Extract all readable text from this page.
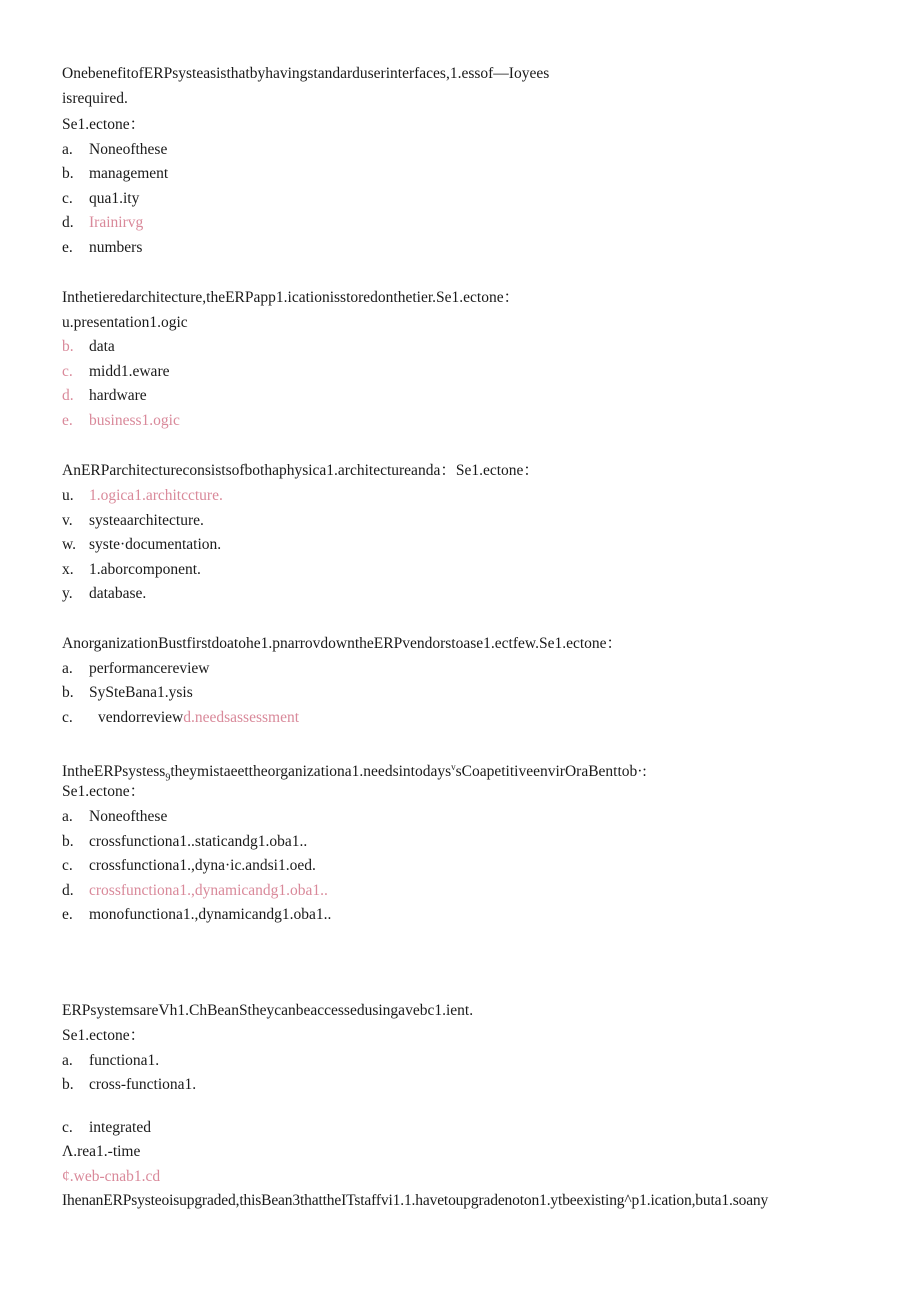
OnebenefitofERPsysteasisthatbyhavingstandarduserinterfaces,1.essof—Ioyees
isrequired.
Se1.ectone：
a. Noneofthese
b. management
c. qua1.ity
d. Irainirvg
e. numbers
Inthetieredarchitecture,theERPapp1.icationisstoredonthetier.Se1.ectone：
u.presentation1.ogic
b. data
c. midd1.eware
d. hardware
e. business1.ogic
AnERParchitectureconsistsofbothaphysica1.architectureanda：Se1.ectone：
u. 1.ogica1.architccture.
v. systeaarchitecture.
w. syste·documentation.
x. 1.aborcomponent.
y. database.
AnorganizationBustfirstdoatohe1.pnarrovdowntheERPvendorstoase1.ectfew.Se1.ectone：
a. performancereview
b. SySteBana1.ysis
c. vendorreviewd.needsassessment
IntheERPsystess$_9$theymistaeettheorganizationa1.needsintodays$^v$sCoapetitiveenvirOraBenttob·:
Se1.ectone：
a. Noneofthese
b. crossfunctiona1..staticandg1.oba1..
c. crossfunctiona1.,dyna·ic.andsi1.oed.
d. crossfunctiona1.,dynamicandg1.oba1..
e. monofunctiona1.,dynamicandg1.oba1..
ERPsystemsareVh1.ChBeanStheycanbeaccessedusingavebc1.ient.
Se1.ectone：
a. functiona1.
b. cross-functiona1.
c. integrated
Λ.rea1.-time
¢.web-cnab1.cd
IhenanERPsysteoisupgraded,thisBean3thattheITstaffvi1.1.havetoupgradenoton1.ytbeexisting^p1.ication,buta1.soany
